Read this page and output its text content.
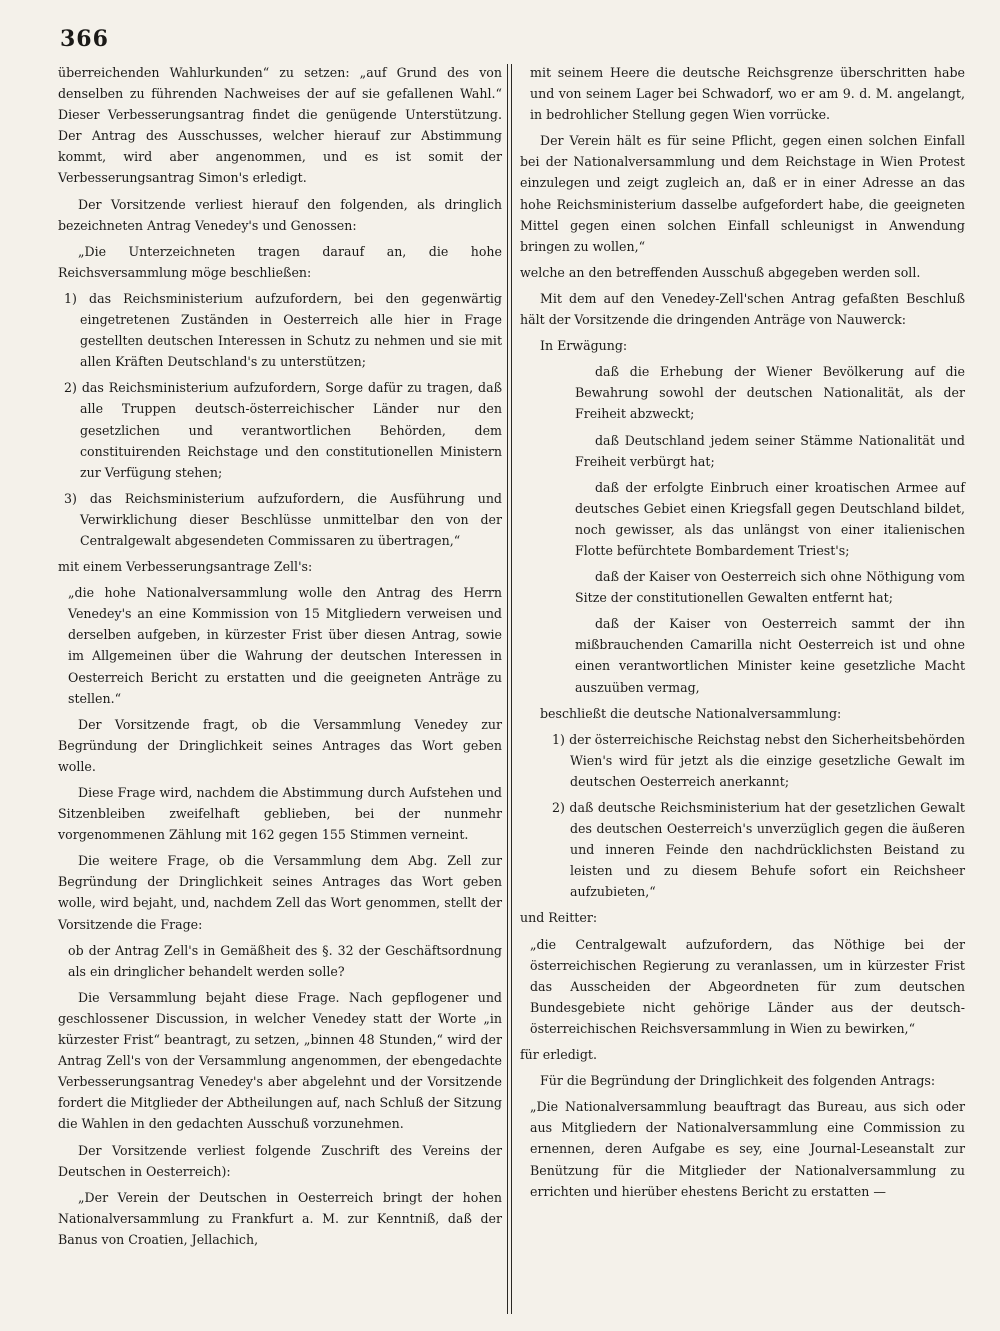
366

überreichenden Wahlurkunden“ zu setzen: „auf Grund des von denselben zu führenden Nachweises der auf sie gefallenen Wahl.“ Dieser Verbesserungsantrag findet die genügende Unterstützung. Der Antrag des Ausschusses, welcher hierauf zur Abstimmung kommt, wird aber angenommen, und es ist somit der Verbesserungsantrag Simon's erledigt.

Der Vorsitzende verliest hierauf den folgenden, als dringlich bezeichneten Antrag Venedey's und Genossen:

„Die Unterzeichneten tragen darauf an, die hohe Reichsversammlung möge beschließen:

1) das Reichsministerium aufzufordern, bei den gegenwärtig eingetretenen Zuständen in Oesterreich alle hier in Frage gestellten deutschen Interessen in Schutz zu nehmen und sie mit allen Kräften Deutschland's zu unterstützen;

2) das Reichsministerium aufzufordern, Sorge dafür zu tragen, daß alle Truppen deutsch-österreichischer Länder nur den gesetzlichen und verantwortlichen Behörden, dem constituirenden Reichstage und den constitutionellen Ministern zur Verfügung stehen;

3) das Reichsministerium aufzufordern, die Ausführung und Verwirklichung dieser Beschlüsse unmittelbar den von der Centralgewalt abgesendeten Commissaren zu übertragen,“

mit einem Verbesserungsantrage Zell's:

„die hohe Nationalversammlung wolle den Antrag des Herrn Venedey's an eine Kommission von 15 Mitgliedern verweisen und derselben aufgeben, in kürzester Frist über diesen Antrag, sowie im Allgemeinen über die Wahrung der deutschen Interessen in Oesterreich Bericht zu erstatten und die geeigneten Anträge zu stellen.“

Der Vorsitzende fragt, ob die Versammlung Venedey zur Begründung der Dringlichkeit seines Antrages das Wort geben wolle.

Diese Frage wird, nachdem die Abstimmung durch Aufstehen und Sitzenbleiben zweifelhaft geblieben, bei der nunmehr vorgenommenen Zählung mit 162 gegen 155 Stimmen verneint.

Die weitere Frage, ob die Versammlung dem Abg. Zell zur Begründung der Dringlichkeit seines Antrages das Wort geben wolle, wird bejaht, und, nachdem Zell das Wort genommen, stellt der Vorsitzende die Frage:

ob der Antrag Zell's in Gemäßheit des §. 32 der Geschäftsordnung als ein dringlicher behandelt werden solle?

Die Versammlung bejaht diese Frage. Nach gepflogener und geschlossener Discussion, in welcher Venedey statt der Worte „in kürzester Frist“ beantragt, zu setzen, „binnen 48 Stunden,“ wird der Antrag Zell's von der Versammlung angenommen, der ebengedachte Verbesserungsantrag Venedey's aber abgelehnt und der Vorsitzende fordert die Mitglieder der Abtheilungen auf, nach Schluß der Sitzung die Wahlen in den gedachten Ausschuß vorzunehmen.

Der Vorsitzende verliest folgende Zuschrift des Vereins der Deutschen in Oesterreich):

„Der Verein der Deutschen in Oesterreich bringt der hohen Nationalversammlung zu Frankfurt a. M. zur Kenntniß, daß der Banus von Croatien, Jellachich,

mit seinem Heere die deutsche Reichsgrenze überschritten habe und von seinem Lager bei Schwadorf, wo er am 9. d. M. angelangt, in bedrohlicher Stellung gegen Wien vorrücke.

Der Verein hält es für seine Pflicht, gegen einen solchen Einfall bei der Nationalversammlung und dem Reichstage in Wien Protest einzulegen und zeigt zugleich an, daß er in einer Adresse an das hohe Reichsministerium dasselbe aufgefordert habe, die geeigneten Mittel gegen einen solchen Einfall schleunigst in Anwendung bringen zu wollen,“

welche an den betreffenden Ausschuß abgegeben werden soll.

Mit dem auf den Venedey-Zell'schen Antrag gefaßten Beschluß hält der Vorsitzende die dringenden Anträge von Nauwerck:

In Erwägung:

daß die Erhebung der Wiener Bevölkerung auf die Bewahrung sowohl der deutschen Nationalität, als der Freiheit abzweckt;

daß Deutschland jedem seiner Stämme Nationalität und Freiheit verbürgt hat;

daß der erfolgte Einbruch einer kroatischen Armee auf deutsches Gebiet einen Kriegsfall gegen Deutschland bildet, noch gewisser, als das unlängst von einer italienischen Flotte befürchtete Bombardement Triest's;

daß der Kaiser von Oesterreich sich ohne Nöthigung vom Sitze der constitutionellen Gewalten entfernt hat;

daß der Kaiser von Oesterreich sammt der ihn mißbrauchenden Camarilla nicht Oesterreich ist und ohne einen verantwortlichen Minister keine gesetzliche Macht auszuüben vermag,

beschließt die deutsche Nationalversammlung:

1) der österreichische Reichstag nebst den Sicherheitsbehörden Wien's wird für jetzt als die einzige gesetzliche Gewalt im deutschen Oesterreich anerkannt;

2) daß deutsche Reichsministerium hat der gesetzlichen Gewalt des deutschen Oesterreich's unverzüglich gegen die äußeren und inneren Feinde den nachdrücklichsten Beistand zu leisten und zu diesem Behufe sofort ein Reichsheer aufzubieten,“

und Reitter:

„die Centralgewalt aufzufordern, das Nöthige bei der österreichischen Regierung zu veranlassen, um in kürzester Frist das Ausscheiden der Abgeordneten für zum deutschen Bundesgebiete nicht gehörige Länder aus der deutsch-österreichischen Reichsversammlung in Wien zu bewirken,“

für erledigt.

Für die Begründung der Dringlichkeit des folgenden Antrags:

„Die Nationalversammlung beauftragt das Bureau, aus sich oder aus Mitgliedern der Nationalversammlung eine Commission zu ernennen, deren Aufgabe es sey, eine Journal-Leseanstalt zur Benützung für die Mitglieder der Nationalversammlung zu errichten und hierüber ehestens Bericht zu erstatten —
